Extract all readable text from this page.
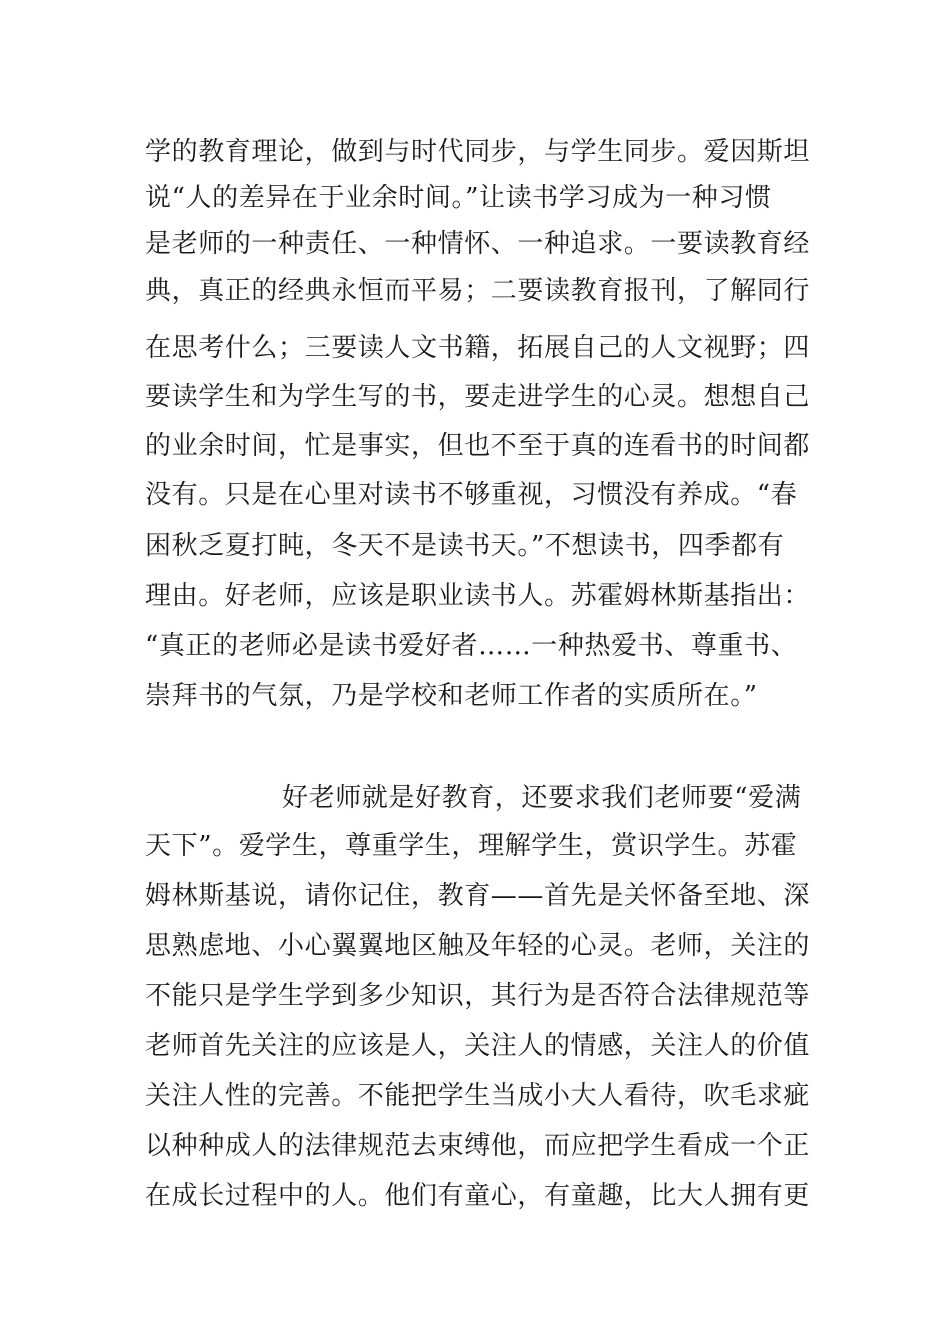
学的教育理论，做到与时代同步，与学生同步。爱因斯坦
说“人的差异在于业余时间。”让读书学习成为一种习惯
是老师的一种责任、一种情怀、一种追求。一要读教育经
典，真正的经典永恒而平易；二要读教育报刊，了解同行
在思考什么；三要读人文书籍，拓展自己的人文视野；四
要读学生和为学生写的书，要走进学生的心灵。想想自己
的业余时间，忙是事实，但也不至于真的连看书的时间都
没有。只是在心里对读书不够重视，习惯没有养成。“春
困秋乏夏打盹，冬天不是读书天。”不想读书，四季都有
理由。好老师，应该是职业读书人。苏霍姆林斯基指出：
“真正的老师必是读书爱好者……一种热爱书、尊重书、
崇拜书的气氛，乃是学校和老师工作者的实质所在。”
好老师就是好教育，还要求我们老师要“爱满
天下”。爱学生，尊重学生，理解学生，赏识学生。苏霍
姆林斯基说，请你记住，教育——首先是关怀备至地、深
思熟虑地、小心翼翼地区触及年轻的心灵。老师，关注的
不能只是学生学到多少知识，其行为是否符合法律规范等
老师首先关注的应该是人，关注人的情感，关注人的价值
关注人性的完善。不能把学生当成小大人看待，吹毛求疵
以种种成人的法律规范去束缚他，而应把学生看成一个正
在成长过程中的人。他们有童心，有童趣，比大人拥有更
